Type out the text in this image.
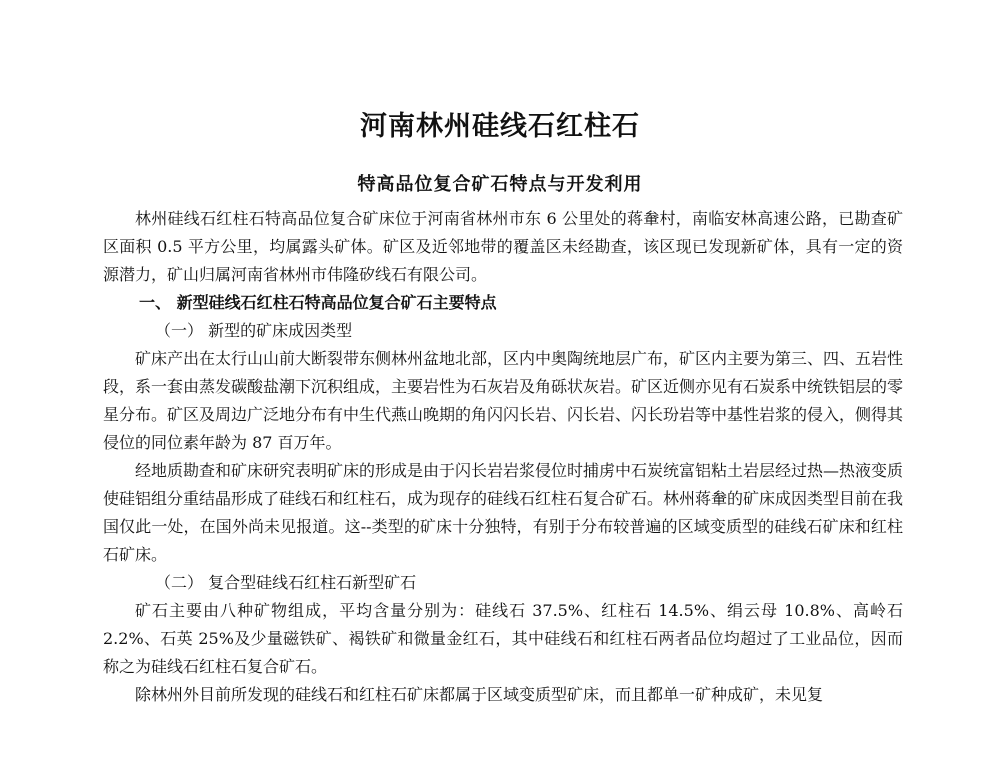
河南林州硅线石红柱石
特高品位复合矿石特点与开发利用

林州硅线石红柱石特高品位复合矿床位于河南省林州市东 6 公里处的蒋軬村，南临安林高速公路，已勘查矿区面积 0.5 平方公里，均属露头矿体。矿区及近邻地带的覆盖区未经勘查，该区现已发现新矿体，具有一定的资源潜力，矿山归属河南省林州市伟隆矽线石有限公司。

一、 新型硅线石红柱石特高品位复合矿石主要特点

（一） 新型的矿床成因类型

矿床产出在太行山山前大断裂带东侧林州盆地北部，区内中奥陶统地层广布，矿区内主要为第三、四、五岩性段，系一套由蒸发碳酸盐潮下沉积组成，主要岩性为石灰岩及角砾状灰岩。矿区近侧亦见有石炭系中统铁铝层的零星分布。矿区及周边广泛地分布有中生代燕山晚期的角闪闪长岩、闪长岩、闪长玢岩等中基性岩浆的侵入，侧得其侵位的同位素年龄为 87 百万年。

经地质勘查和矿床研究表明矿床的形成是由于闪长岩岩浆侵位时捕虏中石炭统富铝粘土岩层经过热—热液变质使硅铝组分重结晶形成了硅线石和红柱石，成为现存的硅线石红柱石复合矿石。林州蒋軬的矿床成因类型目前在我国仅此一处，在国外尚未见报道。这--类型的矿床十分独特，有别于分布较普遍的区域变质型的硅线石矿床和红柱石矿床。

（二） 复合型硅线石红柱石新型矿石

矿石主要由八种矿物组成，平均含量分别为：硅线石 37.5%、红柱石 14.5%、绢云母 10.8%、高岭石 2.2%、石英 25%及少量磁铁矿、褐铁矿和微量金红石，其中硅线石和红柱石两者品位均超过了工业品位，因而称之为硅线石红柱石复合矿石。

除林州外目前所发现的硅线石和红柱石矿床都属于区域变质型矿床，而且都单一矿种成矿，未见复
